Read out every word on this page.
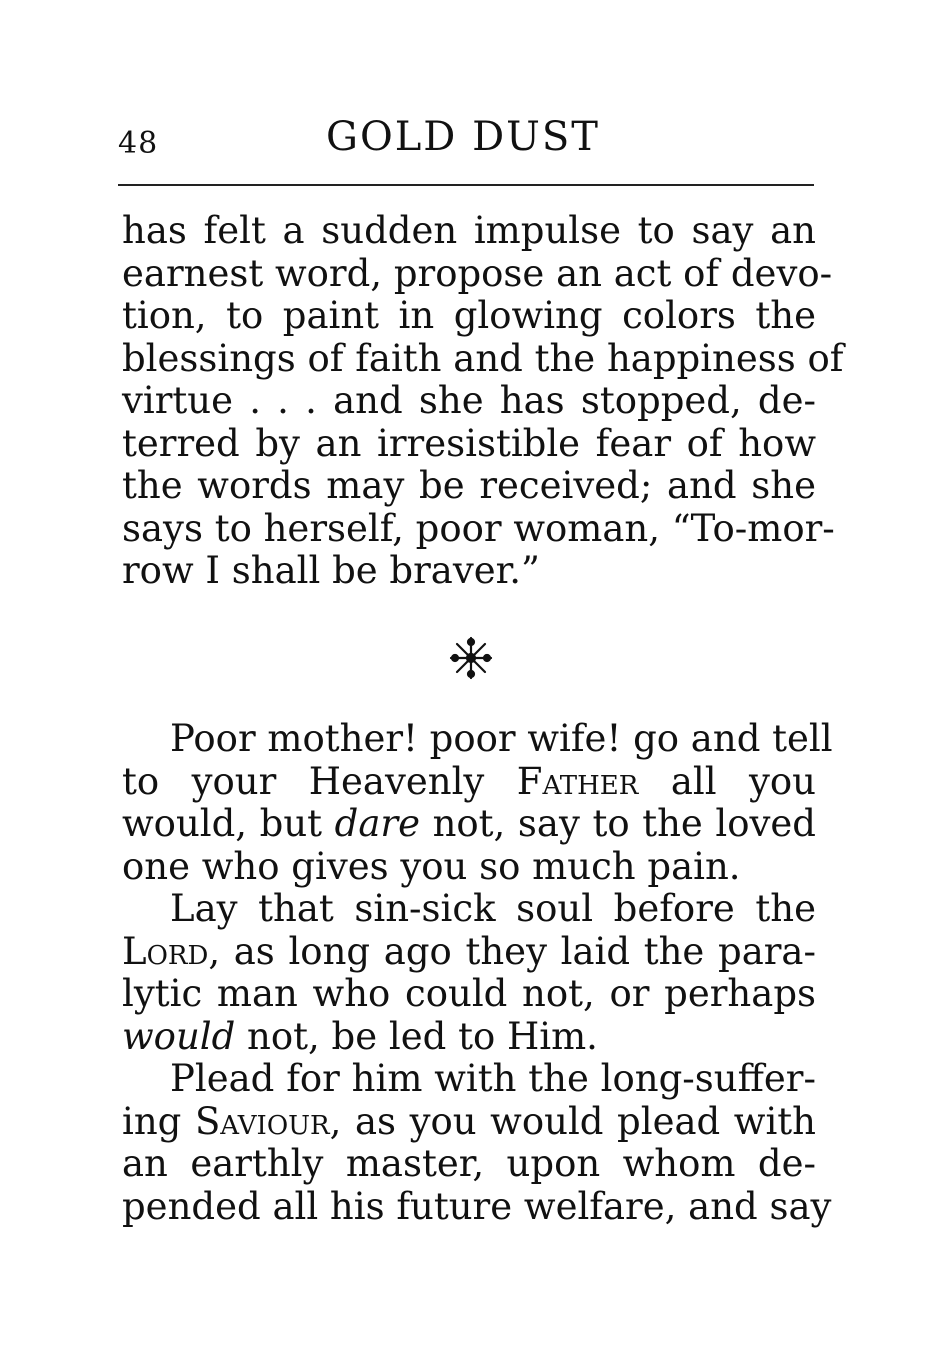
48	GOLD DUST
has felt a sudden impulse to say an
earnest word, propose an act of devo-
tion, to paint in glowing colors the
blessings of faith and the happiness of
virtue . . . and she has stopped, de-
terred by an irresistible fear of how
the words may be received; and she
says to herself, poor woman, “To-mor-
row I shall be braver.”
Poor mother! poor wife! go and tell
to your Heavenly Father all you
would, but dare not, say to the loved
one who gives you so much pain.
Lay that sin-sick soul before the
Lord, as long ago they laid the para-
lytic man who could not, or perhaps
would not, be led to Him.
Plead for him with the long-suffer-
ing Saviour, as you would plead with
an earthly master, upon whom de-
pended all his future welfare, and say
